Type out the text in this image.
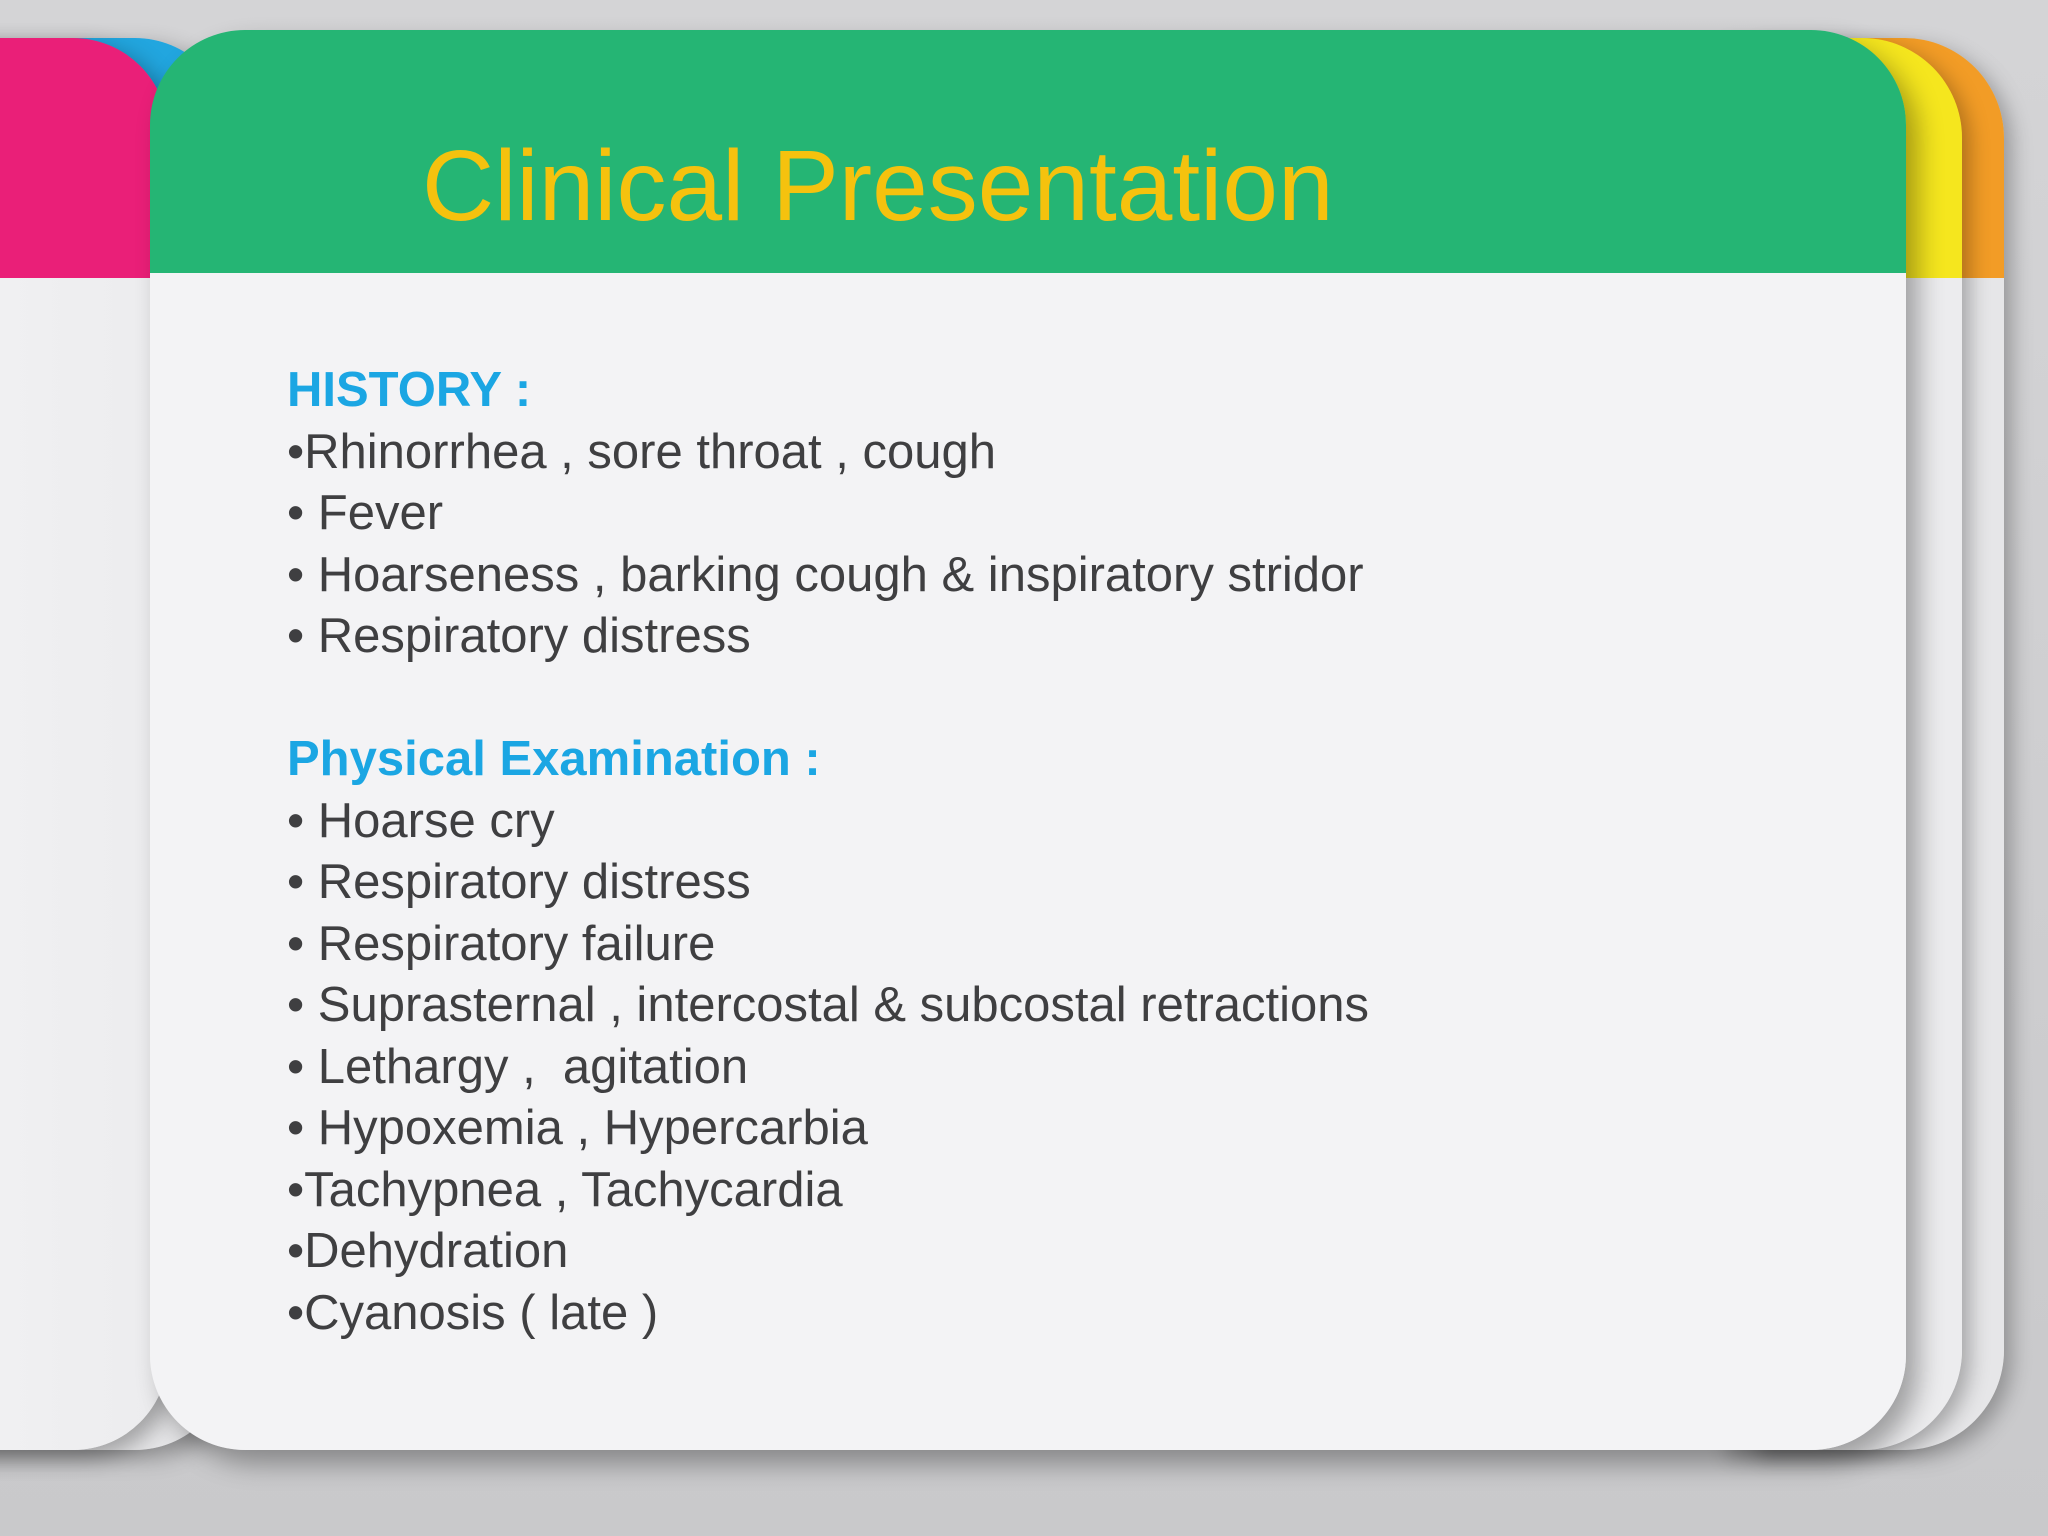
Clinical Presentation

HISTORY :

•Rhinorrhea , sore throat , cough

• Fever

• Hoarseness , barking cough & inspiratory stridor

• Respiratory distress

Physical Examination :

• Hoarse cry

• Respiratory distress

• Respiratory failure

• Suprasternal , intercostal & subcostal retractions

• Lethargy ,  agitation

• Hypoxemia , Hypercarbia

•Tachypnea , Tachycardia

•Dehydration

•Cyanosis ( late )
